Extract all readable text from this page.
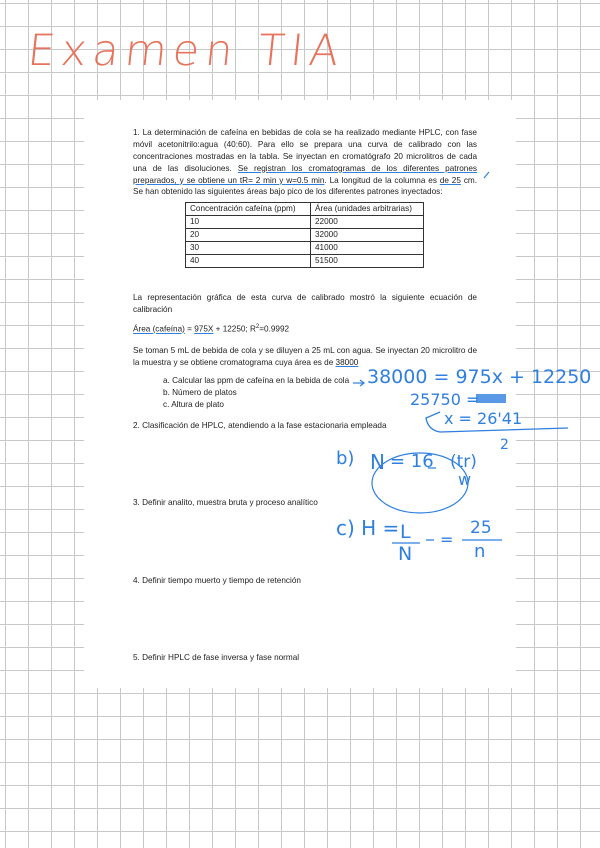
Examen TIA

1. La determinación de cafeína en bebidas de cola se ha realizado mediante HPLC, con fase móvil acetonitrilo:agua (40:60). Para ello se prepara una curva de calibrado con las concentraciones mostradas en la tabla. Se inyectan en cromatógrafo 20 microlitros de cada una de las disoluciones. Se registran los cromatogramas de los diferentes patrones preparados, y se obtiene un tR= 2 min y w=0.5 min. La longitud de la columna es de 25 cm. Se han obtenido las siguientes áreas bajo pico de los diferentes patrones inyectados:

Concentración cafeína (ppm)	Área (unidades arbitrarias)
10	22000
20	32000
30	41000
40	51500

La representación gráfica de esta curva de calibrado mostró la siguiente ecuación de calibración

Área (cafeína) = 975X + 12250; $R^2=0.9992$

Se toman 5 mL de bebida de cola y se diluyen a 25 mL con agua. Se inyectan 20 microlitro de la muestra y se obtiene cromatograma cuya área es de 38000

a. Calcular las ppm de cafeína en la bebida de cola
b. Número de platos
c. Altura de plato
2. Clasificación de HPLC, atendiendo a la fase estacionaria empleada
3. Definir analito, muestra bruta y proceso analítico
4. Definir tiempo muerto y tiempo de retención
5. Definir HPLC de fase inversa y fase normal
38000 = 975x + 12250
25750 =
x = 26'41
b) N = 16 (tr)
w
2
c) H = L
N
=
25
n
